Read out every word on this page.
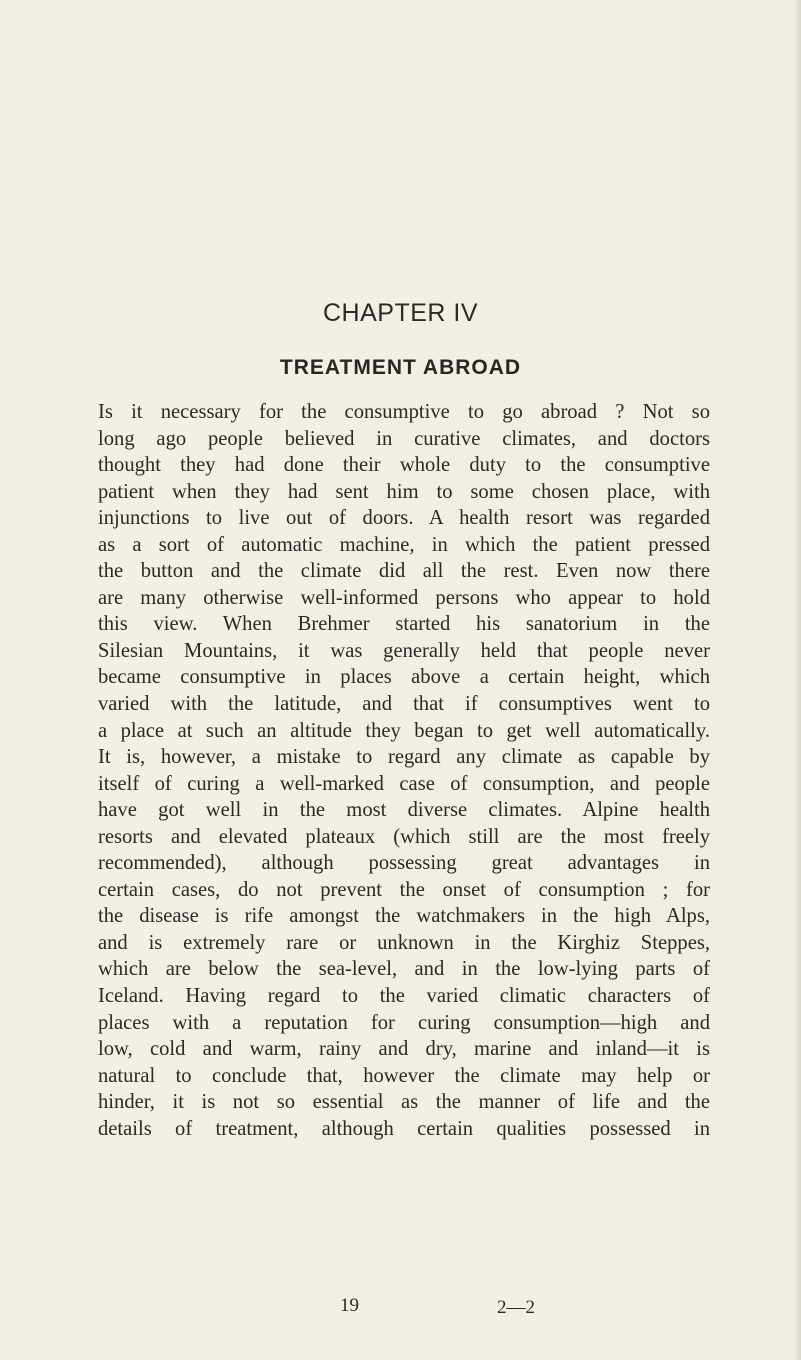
CHAPTER IV
TREATMENT ABROAD
Is it necessary for the consumptive to go abroad ? Not so
long ago people believed in curative climates, and doctors
thought they had done their whole duty to the consumptive
patient when they had sent him to some chosen place, with
injunctions to live out of doors. A health resort was regarded
as a sort of automatic machine, in which the patient pressed
the button and the climate did all the rest. Even now there
are many otherwise well-informed persons who appear to hold
this view. When Brehmer started his sanatorium in the
Silesian Mountains, it was generally held that people never
became consumptive in places above a certain height, which
varied with the latitude, and that if consumptives went to
a place at such an altitude they began to get well automatically.
It is, however, a mistake to regard any climate as capable by
itself of curing a well-marked case of consumption, and people
have got well in the most diverse climates. Alpine health
resorts and elevated plateaux (which still are the most freely
recommended), although possessing great advantages in
certain cases, do not prevent the onset of consumption ; for
the disease is rife amongst the watchmakers in the high Alps,
and is extremely rare or unknown in the Kirghiz Steppes,
which are below the sea-level, and in the low-lying parts of
Iceland. Having regard to the varied climatic characters of
places with a reputation for curing consumption—high and
low, cold and warm, rainy and dry, marine and inland—it is
natural to conclude that, however the climate may help or
hinder, it is not so essential as the manner of life and the
details of treatment, although certain qualities possessed in
19	2—2
